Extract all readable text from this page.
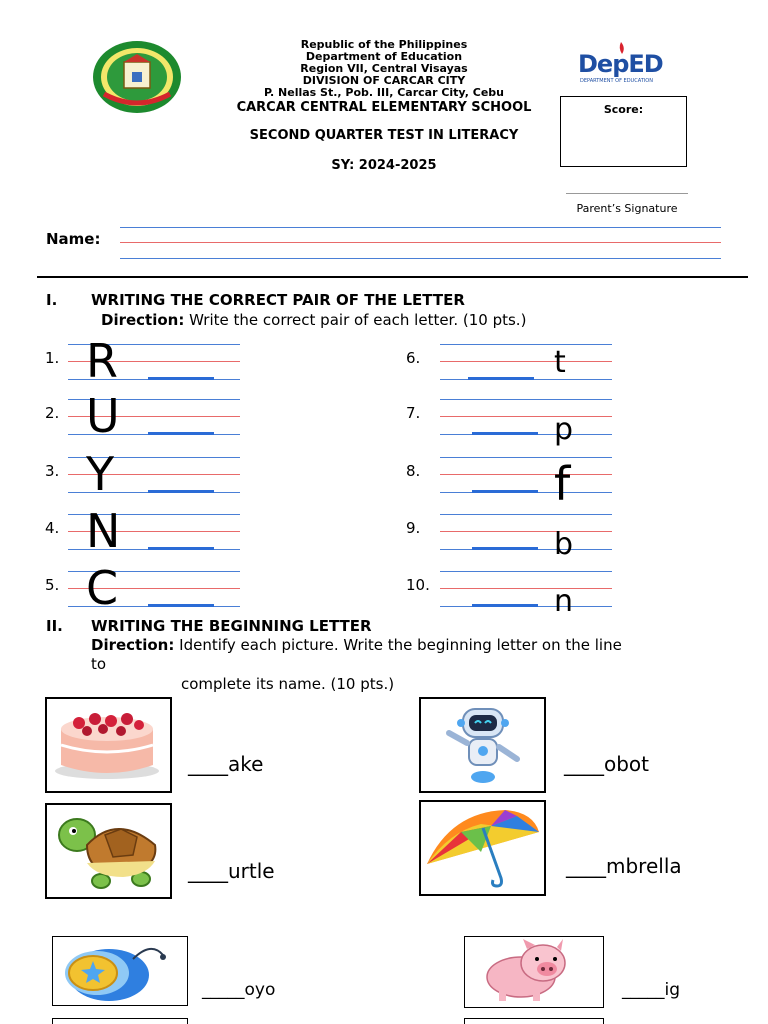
Republic of the Philippines
Department of Education
Region VII, Central Visayas
DIVISION OF CARCAR CITY
P. Nellas St., Pob. III, Carcar City, Cebu
CARCAR CENTRAL ELEMENTARY SCHOOL
SECOND QUARTER TEST IN LITERACY
SY: 2024-2025
DepED
DEPARTMENT OF EDUCATION
Score:
Parent’s Signature
Name:
I. WRITING THE CORRECT PAIR OF THE LETTER
Direction: Write the correct pair of each letter. (10 pts.)
1. R	6.	t
2. U	7.	p
3. Y	8.	f
4. N	9.	b
5. C	10.	n
II. WRITING THE BEGINNING LETTER
Direction: Identify each picture. Write the beginning letter on the line
to
complete its name. (10 pts.)
____ake	____obot
____urtle	____mbrella
_____oyo	_____ig
